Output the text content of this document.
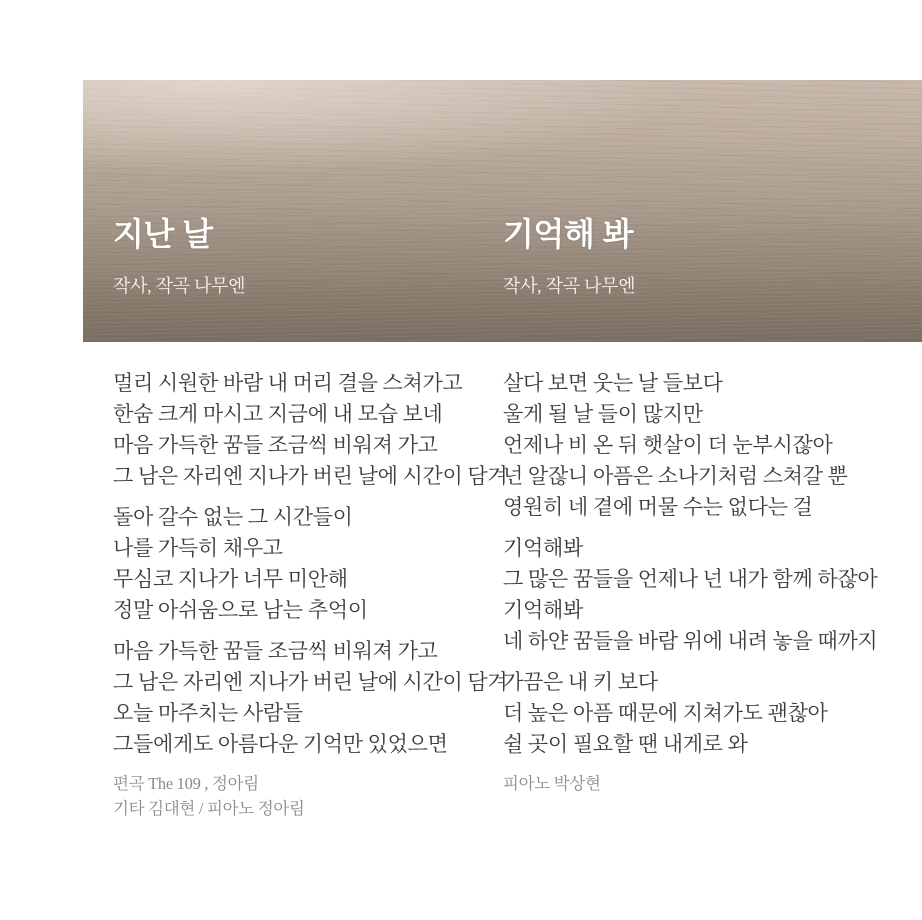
지난 날
작사, 작곡 나무엔
기억해 봐
작사, 작곡 나무엔
멀리 시원한 바람 내 머리 결을 스쳐가고
한숨 크게 마시고 지금에 내 모습 보네
마음 가득한 꿈들 조금씩 비워져 가고
그 남은 자리엔 지나가 버린 날에 시간이 담겨
돌아 갈수 없는 그 시간들이
나를 가득히 채우고
무심코 지나가 너무 미안해
정말 아쉬움으로 남는 추억이
마음 가득한 꿈들 조금씩 비워져 가고
그 남은 자리엔 지나가 버린 날에 시간이 담겨
오늘 마주치는 사람들
그들에게도 아름다운 기억만 있었으면
편곡 The 109 , 정아림
기타 김대현 / 피아노 정아림
살다 보면 웃는 날 들보다
울게 될 날 들이 많지만
언제나 비 온 뒤 햇살이 더 눈부시잖아
넌 알잖니 아픔은 소나기처럼 스쳐갈 뿐
영원히 네 곁에 머물 수는 없다는 걸
기억해봐
그 많은 꿈들을 언제나 넌 내가 함께 하잖아
기억해봐
네 하얀 꿈들을 바람 위에 내려 놓을 때까지
가끔은 내 키 보다
더 높은 아픔 때문에 지쳐가도 괜찮아
쉴 곳이 필요할 땐 내게로 와
피아노 박상현
